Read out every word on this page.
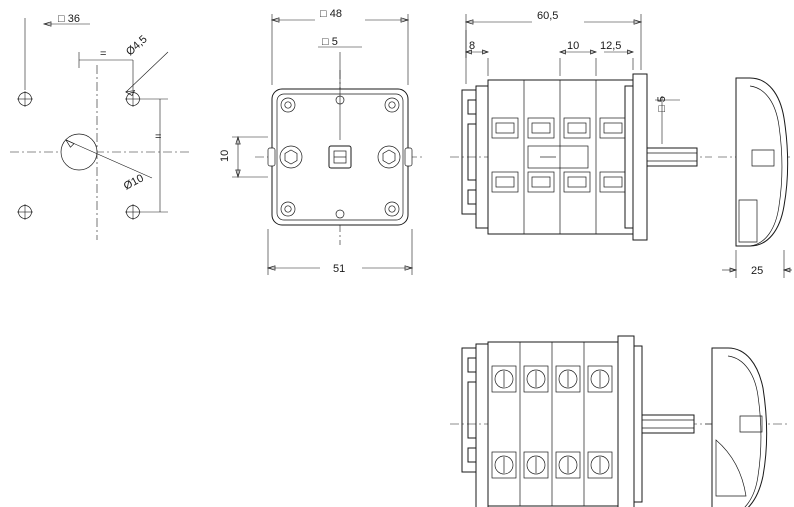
□ 36
Ø4,5
Ø10
=
=
□ 48
□ 5
10
51
60,5
8	10 12,5
□ 5
25
